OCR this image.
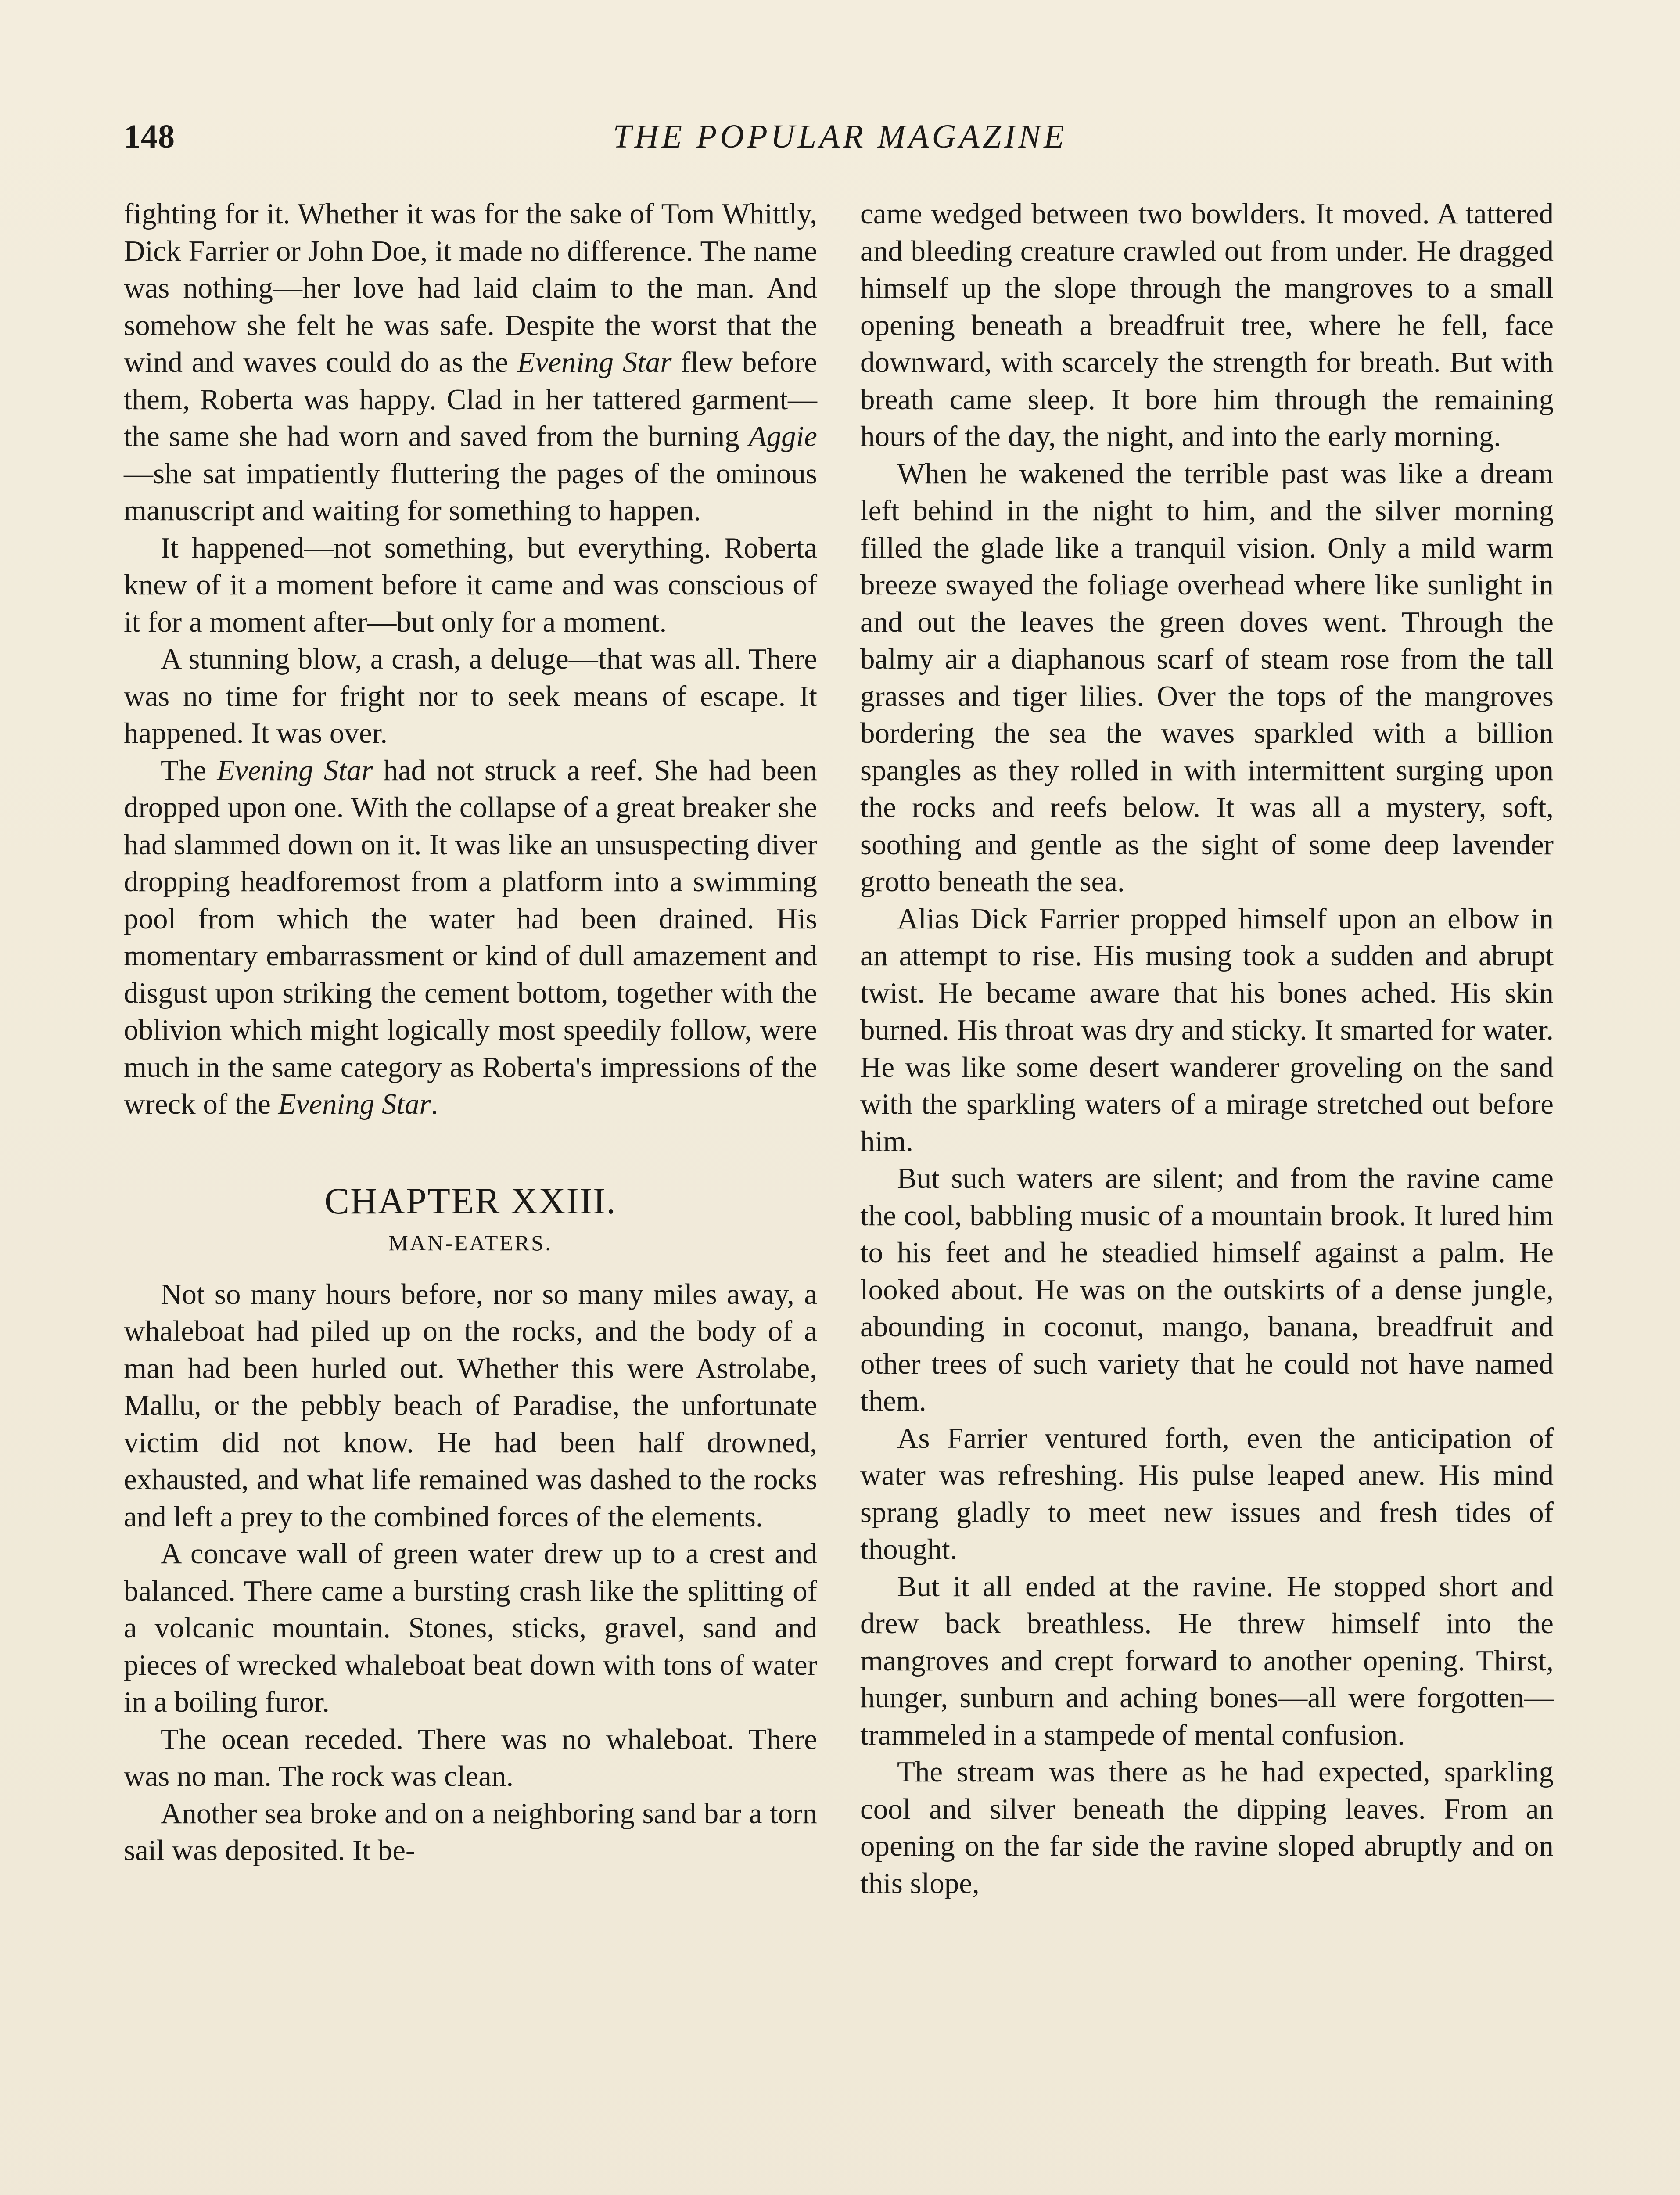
148	THE POPULAR MAGAZINE

fighting for it. Whether it was for the sake of Tom Whittly, Dick Farrier or John Doe, it made no difference. The name was nothing—her love had laid claim to the man. And somehow she felt he was safe. Despite the worst that the wind and waves could do as the Evening Star flew before them, Roberta was happy. Clad in her tattered garment—the same she had worn and saved from the burning Aggie—she sat impatiently fluttering the pages of the ominous manuscript and waiting for something to happen.

It happened—not something, but everything. Roberta knew of it a moment before it came and was conscious of it for a moment after—but only for a moment.

A stunning blow, a crash, a deluge—that was all. There was no time for fright nor to seek means of escape. It happened. It was over.

The Evening Star had not struck a reef. She had been dropped upon one. With the collapse of a great breaker she had slammed down on it. It was like an unsuspecting diver dropping headforemost from a platform into a swimming pool from which the water had been drained. His momentary embarrassment or kind of dull amazement and disgust upon striking the cement bottom, together with the oblivion which might logically most speedily follow, were much in the same category as Roberta's impressions of the wreck of the Evening Star.

CHAPTER XXIII.
MAN-EATERS.

Not so many hours before, nor so many miles away, a whaleboat had piled up on the rocks, and the body of a man had been hurled out. Whether this were Astrolabe, Mallu, or the pebbly beach of Paradise, the unfortunate victim did not know. He had been half drowned, exhausted, and what life remained was dashed to the rocks and left a prey to the combined forces of the elements.

A concave wall of green water drew up to a crest and balanced. There came a bursting crash like the splitting of a volcanic mountain. Stones, sticks, gravel, sand and pieces of wrecked whaleboat beat down with tons of water in a boiling furor.

The ocean receded. There was no whaleboat. There was no man. The rock was clean.

Another sea broke and on a neighboring sand bar a torn sail was deposited. It be-

came wedged between two bowlders. It moved. A tattered and bleeding creature crawled out from under. He dragged himself up the slope through the mangroves to a small opening beneath a breadfruit tree, where he fell, face downward, with scarcely the strength for breath. But with breath came sleep. It bore him through the remaining hours of the day, the night, and into the early morning.

When he wakened the terrible past was like a dream left behind in the night to him, and the silver morning filled the glade like a tranquil vision. Only a mild warm breeze swayed the foliage overhead where like sunlight in and out the leaves the green doves went. Through the balmy air a diaphanous scarf of steam rose from the tall grasses and tiger lilies. Over the tops of the mangroves bordering the sea the waves sparkled with a billion spangles as they rolled in with intermittent surging upon the rocks and reefs below. It was all a mystery, soft, soothing and gentle as the sight of some deep lavender grotto beneath the sea.

Alias Dick Farrier propped himself upon an elbow in an attempt to rise. His musing took a sudden and abrupt twist. He became aware that his bones ached. His skin burned. His throat was dry and sticky. It smarted for water. He was like some desert wanderer groveling on the sand with the sparkling waters of a mirage stretched out before him.

But such waters are silent; and from the ravine came the cool, babbling music of a mountain brook. It lured him to his feet and he steadied himself against a palm. He looked about. He was on the outskirts of a dense jungle, abounding in coconut, mango, banana, breadfruit and other trees of such variety that he could not have named them.

As Farrier ventured forth, even the anticipation of water was refreshing. His pulse leaped anew. His mind sprang gladly to meet new issues and fresh tides of thought.

But it all ended at the ravine. He stopped short and drew back breathless. He threw himself into the mangroves and crept forward to another opening. Thirst, hunger, sunburn and aching bones—all were forgotten—trammeled in a stampede of mental confusion.

The stream was there as he had expected, sparkling cool and silver beneath the dipping leaves. From an opening on the far side the ravine sloped abruptly and on this slope,
